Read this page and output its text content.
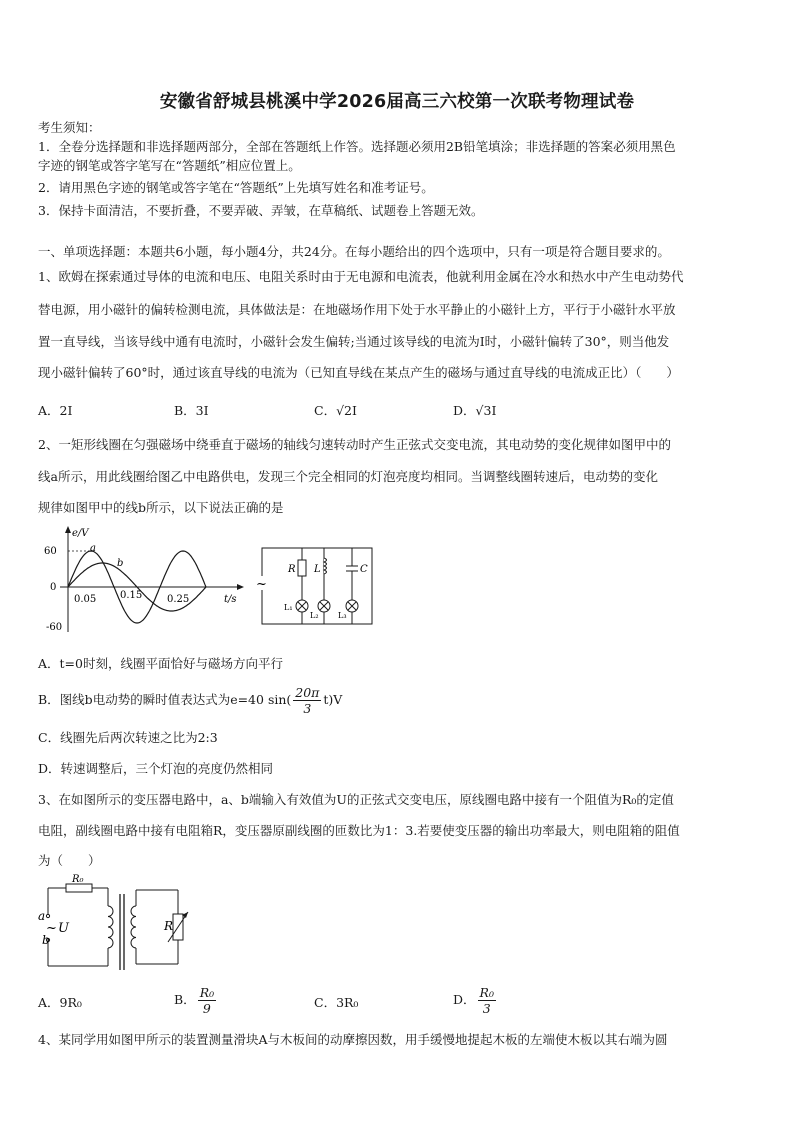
安徽省舒城县桃溪中学2026届高三六校第一次联考物理试卷
考生须知：
1．全卷分选择题和非选择题两部分，全部在答题纸上作答。选择题必须用2B铅笔填涂；非选择题的答案必须用黑色
字迹的钢笔或答字笔写在“答题纸”相应位置上。
2．请用黑色字迹的钢笔或答字笔在“答题纸”上先填写姓名和准考证号。
3．保持卡面清洁，不要折叠，不要弄破、弄皱，在草稿纸、试题卷上答题无效。
一、单项选择题：本题共6小题，每小题4分，共24分。在每小题给出的四个选项中，只有一项是符合题目要求的。
1、欧姆在探索通过导体的电流和电压、电阻关系时由于无电源和电流表，他就利用金属在冷水和热水中产生电动势代
替电源，用小磁针的偏转检测电流，具体做法是：在地磁场作用下处于水平静止的小磁针上方，平行于小磁针水平放
置一直导线，当该导线中通有电流时，小磁针会发生偏转;当通过该导线的电流为I时，小磁针偏转了30°，则当他发
现小磁针偏转了60°时，通过该直导线的电流为（已知直导线在某点产生的磁场与通过直导线的电流成正比）（　　）
A．2I	B．3I	C．√2I	D．√3I
2、一矩形线圈在匀强磁场中绕垂直于磁场的轴线匀速转动时产生正弦式交变电流，其电动势的变化规律如图甲中的
线a所示，用此线圈给图乙中电路供电，发现三个完全相同的灯泡亮度均相同。当调整线圈转速后，电动势的变化
规律如图甲中的线b所示，以下说法正确的是
e/V
t/s
60
0
-60
0.05 0.15 0.25
a
b
~
R L	C
L₁
L₂ L₃
A．t=0时刻，线圈平面恰好与磁场方向平行
B．图线b电动势的瞬时值表达式为e=40 $\sin( \frac{20\pi}{3} t)V$
C．线圈先后两次转速之比为2:3
D．转速调整后，三个灯泡的亮度仍然相同
3、在如图所示的变压器电路中，a、b端输入有效值为U的正弦式交变电压，原线圈电路中接有一个阻值为R₀的定值
电阻，副线圈电路中接有电阻箱R，变压器原副线圈的匝数比为1：3.若要使变压器的输出功率最大，则电阻箱的阻值
为（　　）
R₀
a
b
~ U	R
A．9R₀	B． $\frac{\text{R₀}}{9}$	C．3R₀	D． $\frac{\text{R₀}}{3}$
4、某同学用如图甲所示的装置测量滑块A与木板间的动摩擦因数，用手缓慢地提起木板的左端使木板以其右端为圆
